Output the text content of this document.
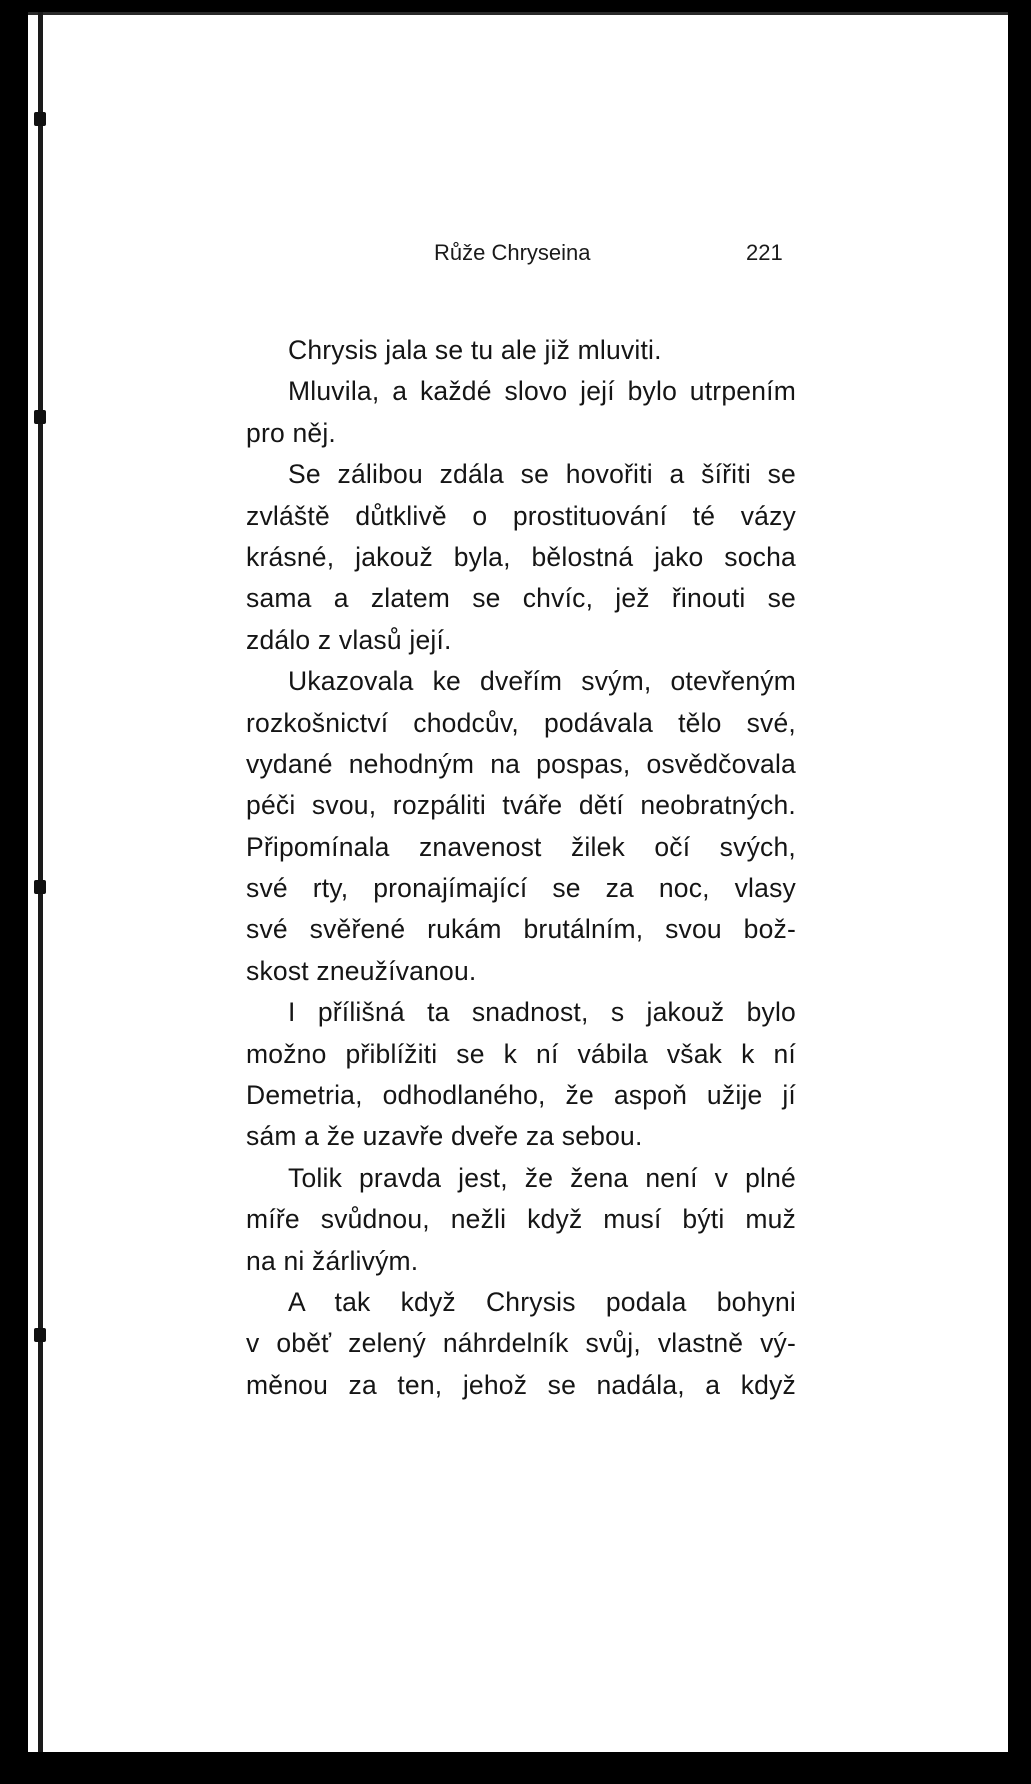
Růže Chryseina	221
Chrysis jala se tu ale již mluviti.
Mluvila, a každé slovo její bylo utrpením
pro něj.
Se zálibou zdála se hovořiti a šířiti se
zvláště důtklivě o prostituování té vázy
krásné, jakouž byla, bělostná jako socha
sama a zlatem se chvíc, jež řinouti se
zdálo z vlasů její.
Ukazovala ke dveřím svým, otevřeným
rozkošnictví chodcův, podávala tělo své,
vydané nehodným na pospas, osvědčovala
péči svou, rozpáliti tváře dětí neobratných.
Připomínala znavenost žilek očí svých,
své rty, pronajímající se za noc, vlasy
své svěřené rukám brutálním, svou bož-
skost zneužívanou.
I přílišná ta snadnost, s jakouž bylo
možno přiblížiti se k ní vábila však k ní
Demetria, odhodlaného, že aspoň užije jí
sám a že uzavře dveře za sebou.
Tolik pravda jest, že žena není v plné
míře svůdnou, nežli když musí býti muž
na ni žárlivým.
A tak když Chrysis podala bohyni
v oběť zelený náhrdelník svůj, vlastně vý-
měnou za ten, jehož se nadála, a když
